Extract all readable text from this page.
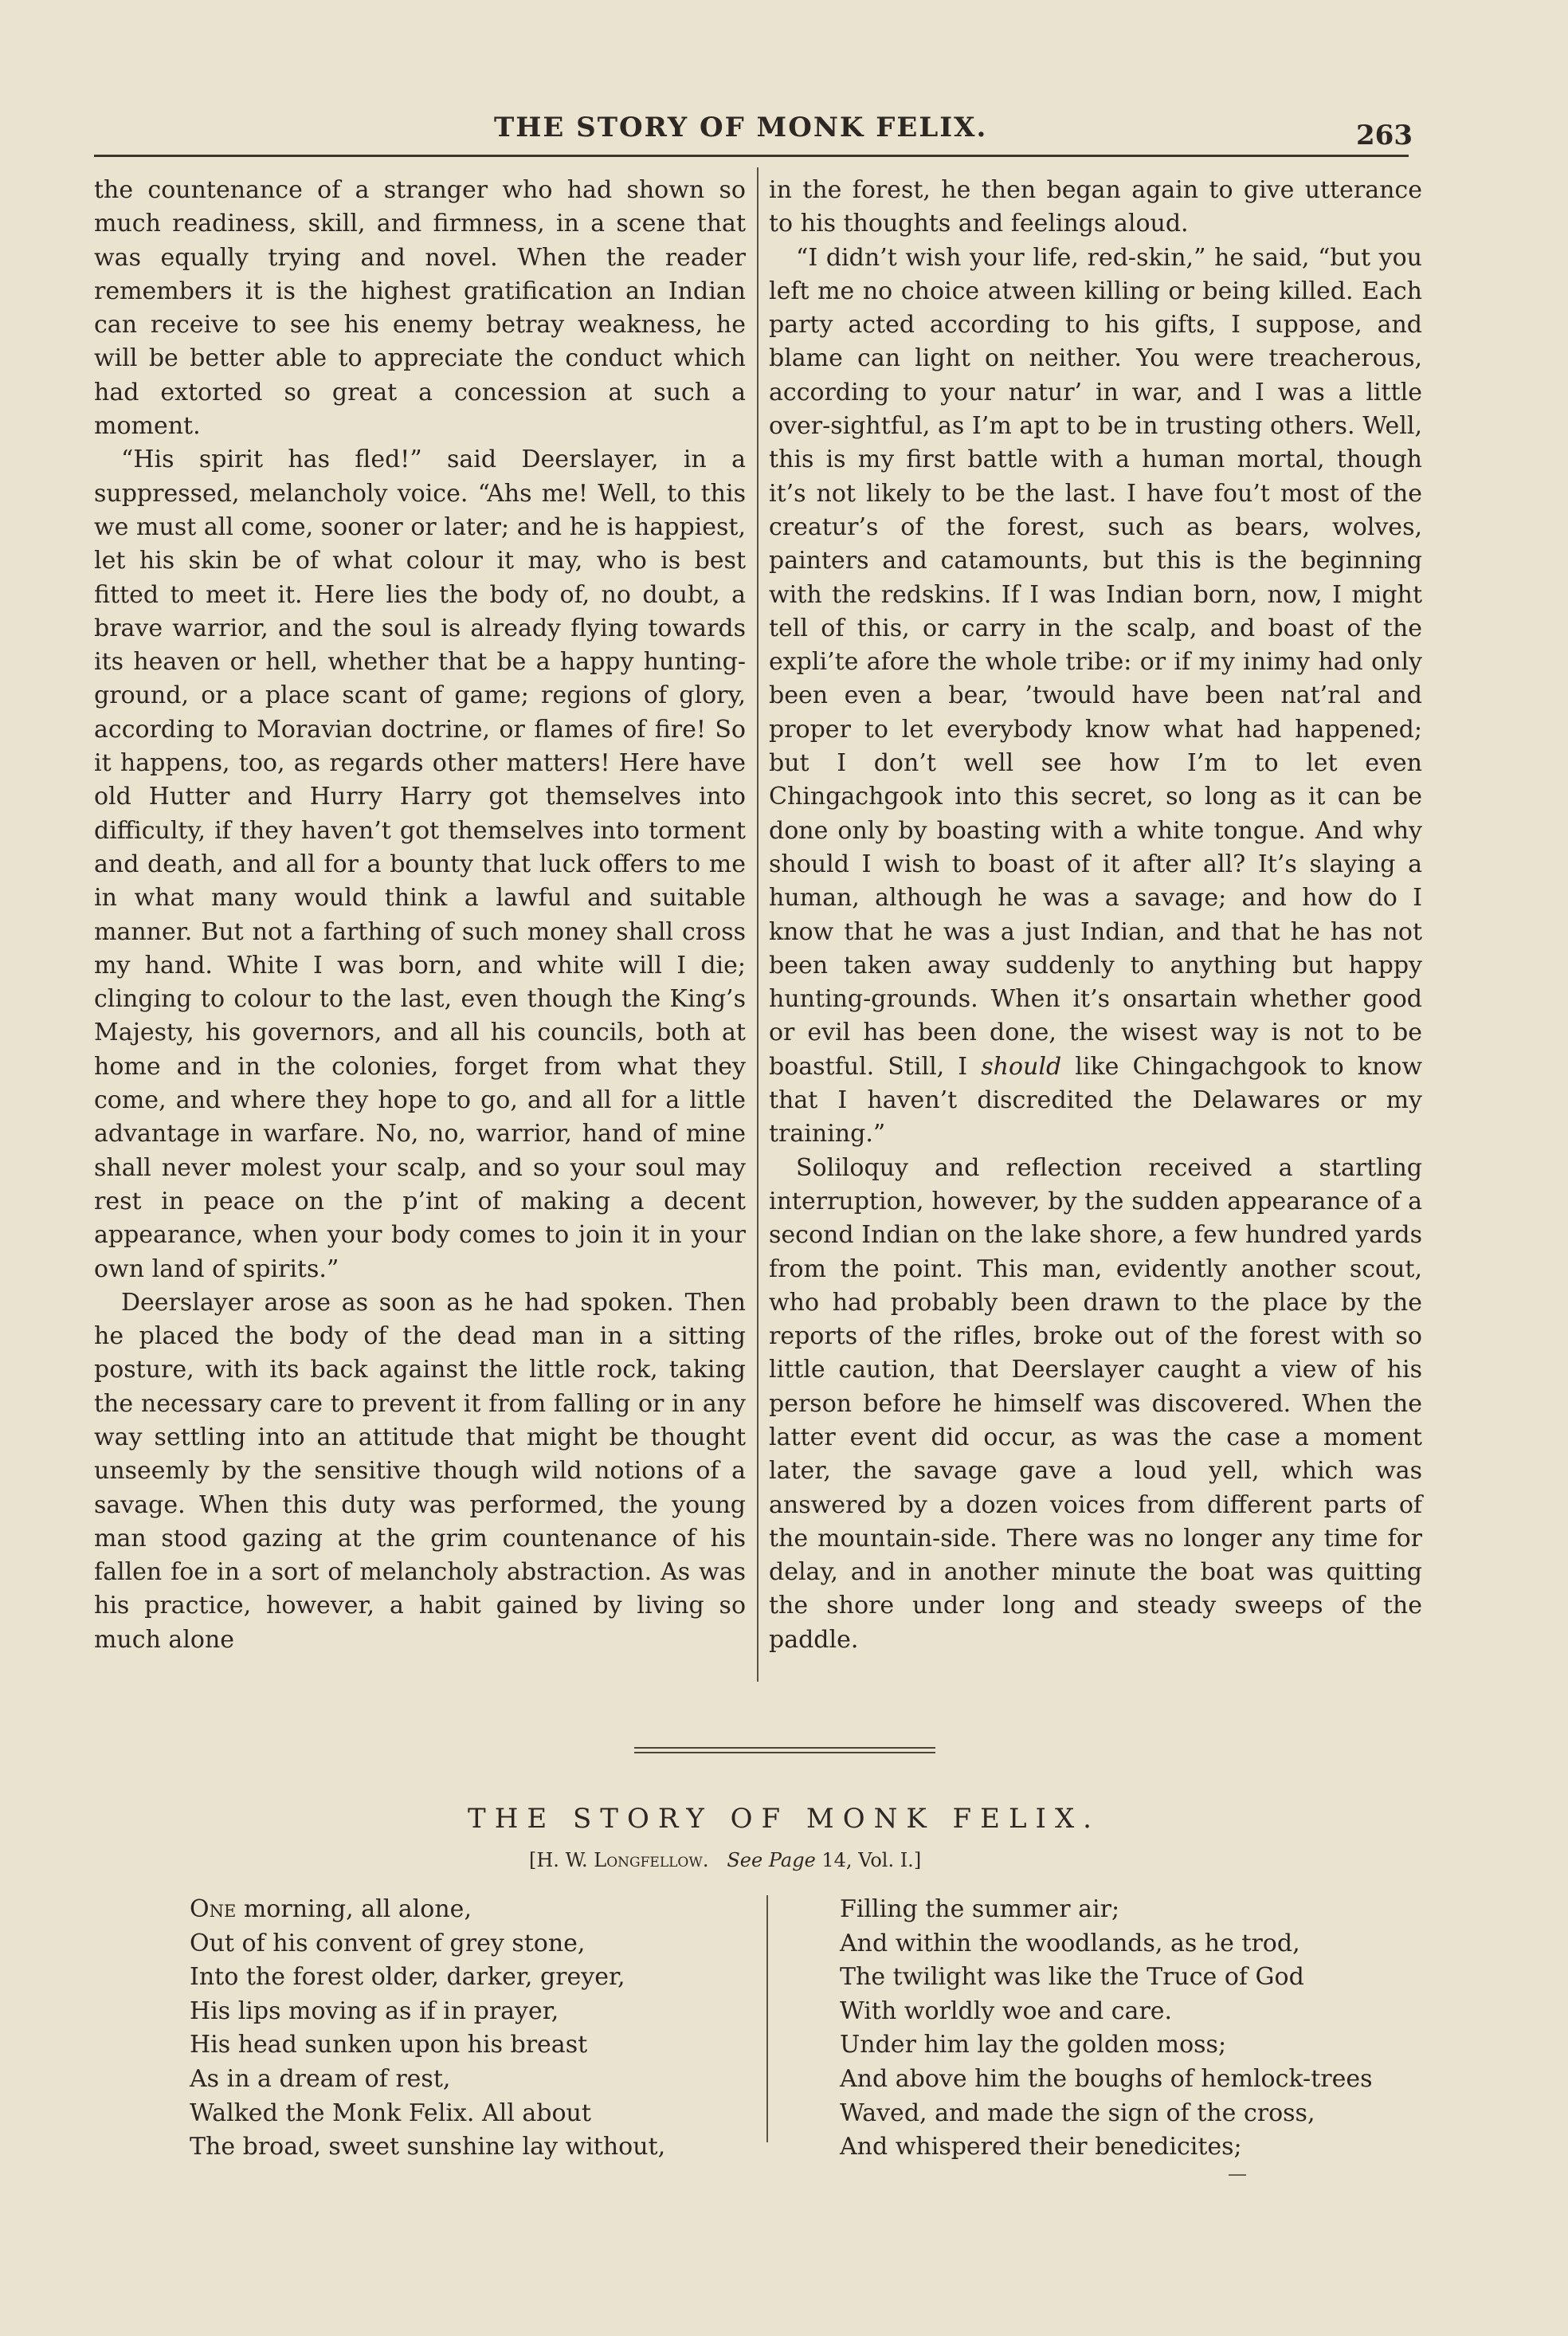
THE STORY OF MONK FELIX.	263

the countenance of a stranger who had shown so much readiness, skill, and firmness, in a scene that was equally trying and novel. When the reader remembers it is the highest gratification an Indian can receive to see his enemy betray weakness, he will be better able to appreciate the conduct which had extorted so great a concession at such a moment.

“His spirit has fled!” said Deerslayer, in a suppressed, melancholy voice. “Ahs me! Well, to this we must all come, sooner or later; and he is happiest, let his skin be of what colour it may, who is best fitted to meet it. Here lies the body of, no doubt, a brave warrior, and the soul is already flying towards its heaven or hell, whether that be a happy hunting-ground, or a place scant of game; regions of glory, according to Moravian doctrine, or flames of fire! So it happens, too, as regards other matters! Here have old Hutter and Hurry Harry got themselves into difficulty, if they haven’t got themselves into torment and death, and all for a bounty that luck offers to me in what many would think a lawful and suitable manner. But not a farthing of such money shall cross my hand. White I was born, and white will I die; clinging to colour to the last, even though the King’s Majesty, his governors, and all his councils, both at home and in the colonies, forget from what they come, and where they hope to go, and all for a little advantage in warfare. No, no, warrior, hand of mine shall never molest your scalp, and so your soul may rest in peace on the p’int of making a decent appearance, when your body comes to join it in your own land of spirits.”

Deerslayer arose as soon as he had spoken. Then he placed the body of the dead man in a sitting posture, with its back against the little rock, taking the necessary care to prevent it from falling or in any way settling into an attitude that might be thought unseemly by the sensitive though wild notions of a savage. When this duty was performed, the young man stood gazing at the grim countenance of his fallen foe in a sort of melancholy abstraction. As was his practice, however, a habit gained by living so much alone

in the forest, he then began again to give utterance to his thoughts and feelings aloud.

“I didn’t wish your life, red-skin,” he said, “but you left me no choice atween killing or being killed. Each party acted according to his gifts, I suppose, and blame can light on neither. You were treacherous, according to your natur’ in war, and I was a little over-sightful, as I’m apt to be in trusting others. Well, this is my first battle with a human mortal, though it’s not likely to be the last. I have fou’t most of the creatur’s of the forest, such as bears, wolves, painters and catamounts, but this is the beginning with the redskins. If I was Indian born, now, I might tell of this, or carry in the scalp, and boast of the expli’te afore the whole tribe: or if my inimy had only been even a bear, ’twould have been nat’ral and proper to let everybody know what had happened; but I don’t well see how I’m to let even Chingachgook into this secret, so long as it can be done only by boasting with a white tongue. And why should I wish to boast of it after all? It’s slaying a human, although he was a savage; and how do I know that he was a just Indian, and that he has not been taken away suddenly to anything but happy hunting-grounds. When it’s onsartain whether good or evil has been done, the wisest way is not to be boastful. Still, I should like Chingachgook to know that I haven’t discredited the Delawares or my training.”

Soliloquy and reflection received a startling interruption, however, by the sudden appearance of a second Indian on the lake shore, a few hundred yards from the point. This man, evidently another scout, who had probably been drawn to the place by the reports of the rifles, broke out of the forest with so little caution, that Deerslayer caught a view of his person before he himself was discovered. When the latter event did occur, as was the case a moment later, the savage gave a loud yell, which was answered by a dozen voices from different parts of the mountain-side. There was no longer any time for delay, and in another minute the boat was quitting the shore under long and steady sweeps of the paddle.

THE STORY OF MONK FELIX.
[H. W. Longfellow. See Page 14, Vol. I.]
One morning, all alone,
Out of his convent of grey stone,
Into the forest older, darker, greyer,
His lips moving as if in prayer,
His head sunken upon his breast
As in a dream of rest,
Walked the Monk Felix. All about
The broad, sweet sunshine lay without,
Filling the summer air;
And within the woodlands, as he trod,
The twilight was like the Truce of God
With worldly woe and care.
Under him lay the golden moss;
And above him the boughs of hemlock-trees
Waved, and made the sign of the cross,
And whispered their benedicites;
